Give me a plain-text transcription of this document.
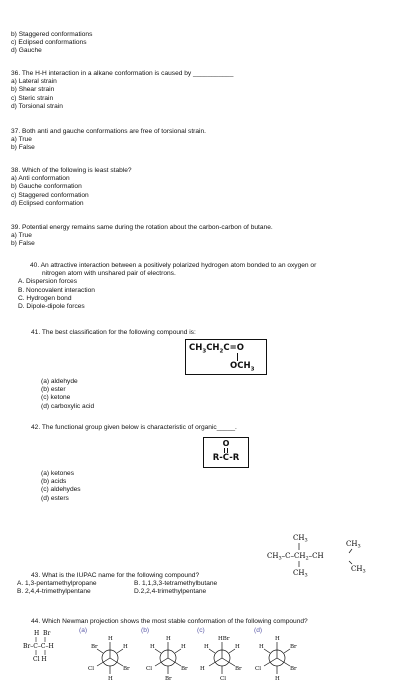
b) Staggered conformations
c) Eclipsed conformations
d) Gauche
36. The H-H interaction in a alkane conformation is caused by ___________
a) Lateral strain
b) Shear strain
c) Steric strain
d) Torsional strain
37. Both anti and gauche conformations are free of torsional strain.
a) True
b) False
38. Which of the following is least stable?
a) Anti conformation
b) Gauche conformation
c) Staggered conformation
d) Eclipsed conformation
39. Potential energy remains same during the rotation about the carbon-carbon of butane.
a) True
b) False
40. An attractive interaction between a positively polarized hydrogen atom bonded to an oxygen or
nitrogen atom with unshared pair of electrons.
A. Dispersion forces
B. Noncovalent interaction
C. Hydrogen bond
D. Dipole-dipole forces
41. The best classification for the following compound is:
$CH_3CH_2C=O$
$OCH_3$
(a) aldehyde
(b) ester
(c) ketone
(d) carboxylic acid
42. The functional group given below is characteristic of organic_____.
O
R-C-R
(a) ketones
(b) acids
(c) aldehydes
(d) esters
$CH_3$	$CH_3$
$CH_3-C-CH_2-CH$
$CH_3$
$CH_3$
43. What is the IUPAC name for the following compound?
A. 1,3-pentamethylpropane	B. 1,1,3,3-tetramethylbutane
B. 2,4,4-trimethylpentane	D.2,2,4-trimethylpentane
44. Which Newman projection shows the most stable conformation of the following compound?
H  Br
Br–C–C–H
Cl H
(a)	(b)	(c)	(d)
H
Br	H
Cl	Br
H
H
H	H
Cl	Br
Br
HBr
H	H
H	Br
Cl
H
H	Br
Cl	Br
H
